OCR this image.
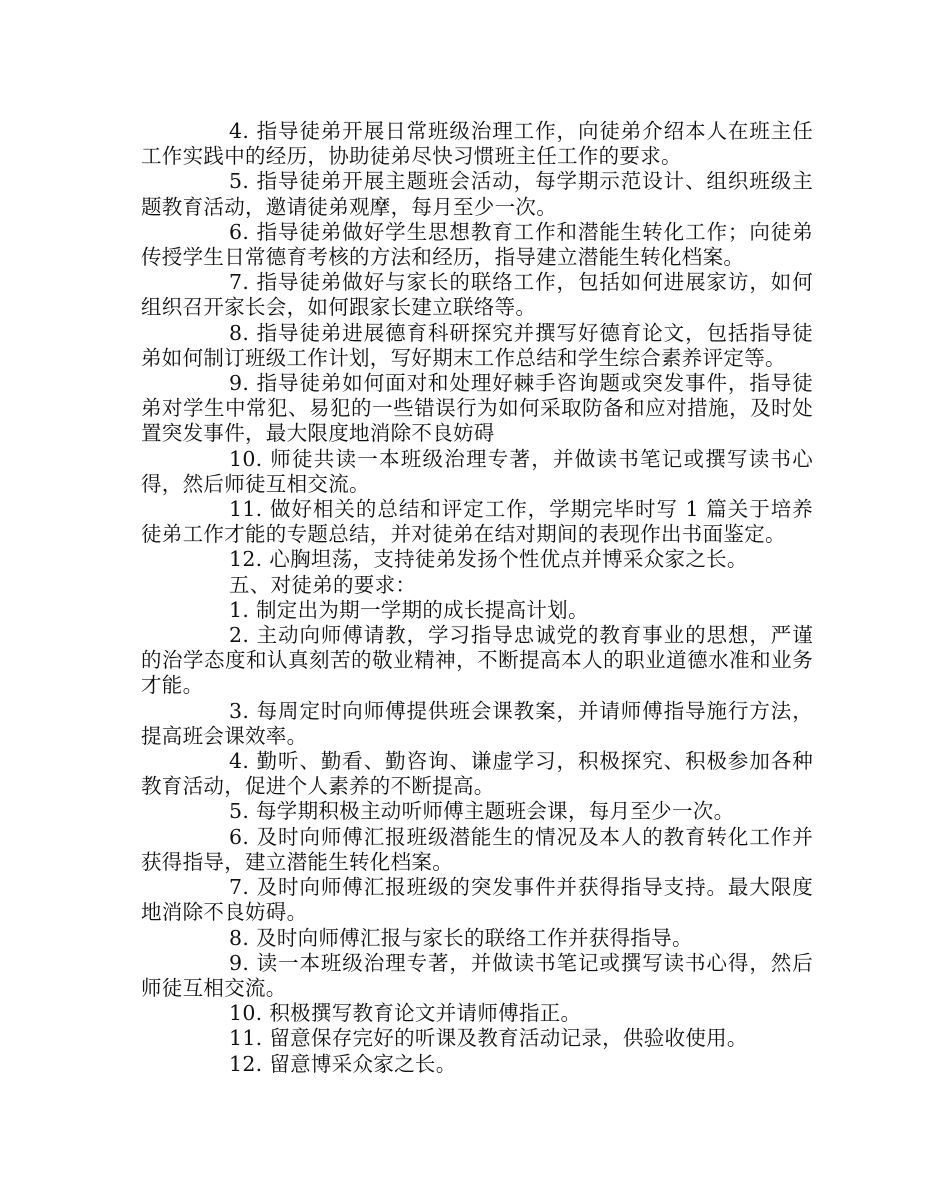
4. 指导徒弟开展日常班级治理工作，向徒弟介绍本人在班主任工作实践中的经历，协助徒弟尽快习惯班主任工作的要求。

5. 指导徒弟开展主题班会活动，每学期示范设计、组织班级主题教育活动，邀请徒弟观摩，每月至少一次。

6. 指导徒弟做好学生思想教育工作和潜能生转化工作；向徒弟传授学生日常德育考核的方法和经历，指导建立潜能生转化档案。

7. 指导徒弟做好与家长的联络工作，包括如何进展家访，如何组织召开家长会，如何跟家长建立联络等。

8. 指导徒弟进展德育科研探究并撰写好德育论文，包括指导徒弟如何制订班级工作计划，写好期末工作总结和学生综合素养评定等。

9. 指导徒弟如何面对和处理好棘手咨询题或突发事件，指导徒弟对学生中常犯、易犯的一些错误行为如何采取防备和应对措施，及时处置突发事件，最大限度地消除不良妨碍

10. 师徒共读一本班级治理专著，并做读书笔记或撰写读书心得，然后师徒互相交流。

11. 做好相关的总结和评定工作，学期完毕时写 1 篇关于培养徒弟工作才能的专题总结，并对徒弟在结对期间的表现作出书面鉴定。

12. 心胸坦荡，支持徒弟发扬个性优点并博采众家之长。

五、对徒弟的要求：

1. 制定出为期一学期的成长提高计划。

2. 主动向师傅请教，学习指导忠诚党的教育事业的思想，严谨的治学态度和认真刻苦的敬业精神，不断提高本人的职业道德水准和业务才能。

3. 每周定时向师傅提供班会课教案，并请师傅指导施行方法，提高班会课效率。

4. 勤听、勤看、勤咨询、谦虚学习，积极探究、积极参加各种教育活动，促进个人素养的不断提高。

5. 每学期积极主动听师傅主题班会课，每月至少一次。

6. 及时向师傅汇报班级潜能生的情况及本人的教育转化工作并获得指导，建立潜能生转化档案。

7. 及时向师傅汇报班级的突发事件并获得指导支持。最大限度地消除不良妨碍。

8. 及时向师傅汇报与家长的联络工作并获得指导。

9. 读一本班级治理专著，并做读书笔记或撰写读书心得，然后师徒互相交流。

10. 积极撰写教育论文并请师傅指正。

11. 留意保存完好的听课及教育活动记录，供验收使用。

12. 留意博采众家之长。
